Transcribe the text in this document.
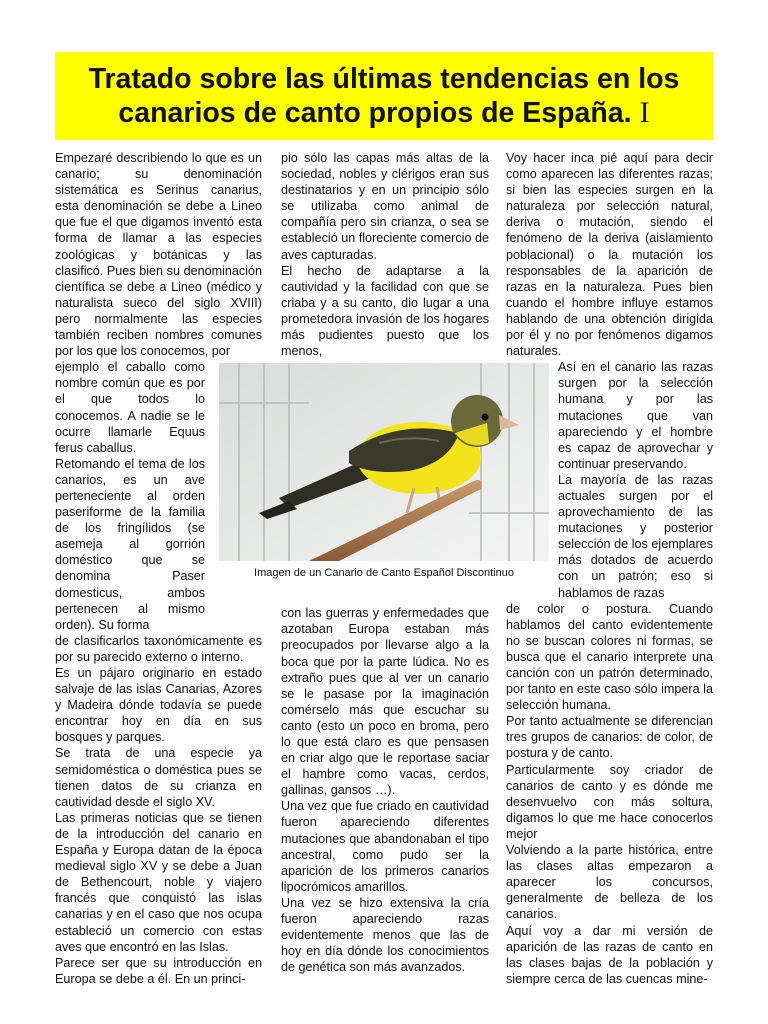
Tratado sobre las últimas tendencias en los
canarios de canto propios de España. I

Empezaré describiendo lo que es un canario; su denominación sistemática es Serinus canarius, esta denominación se debe a Lineo que fue el que digamos inventó esta forma de llamar a las especies zoológicas y botánicas y las clasificó. Pues bien su denominación científica se debe a Lineo (médico y naturalista sueco del siglo XVIII) pero normalmente las especies también reciben nombres comunes por los que los conocemos, por

ejemplo el caballo como nombre común que es por el que todos lo conocemos. A nadie se le ocurre llamarle Equus ferus caballus.

Retomando el tema de los canarios, es un ave perteneciente al orden paseriforme de la familia de los fringílidos (se asemeja al gorrión doméstico que se denomina Paser domesticus, ambos pertenecen al mismo orden). Su forma

de clasificarlos taxonómicamente es por su parecido externo o interno.

Es un pájaro originario en estado salvaje de las islas Canarias, Azores y Madeira dónde todavía se puede encontrar hoy en día en sus bosques y parques.

Se trata de una especie ya semidoméstica o doméstica pues se tienen datos de su crianza en cautividad desde el siglo XV.

Las primeras noticias que se tienen de la introducción del canario en España y Europa datan de la época medieval siglo XV y se debe a Juan de Bethencourt, noble y viajero francés que conquistó las islas canarias y en el caso que nos ocupa estableció un comercio con estas aves que encontró en las Islas.

Parece ser que su introducción en Europa se debe a él. En un princi-

pio sólo las capas más altas de la sociedad, nobles y clérigos eran sus destinatarios y en un principio sólo se utilizaba como animal de compañía pero sin crianza, o sea se estableció un floreciente comercio de aves capturadas.

El hecho de adaptarse a la cautividad y la facilidad con que se criaba y a su canto, dio lugar a una prometedora invasión de los hogares más pudientes puesto que los menos,

con las guerras y enfermedades que azotaban Europa estaban más preocupados por llevarse algo a la boca que por la parte lúdica. No es extraño pues que al ver un canario se le pasase por la imaginación comérselo más que escuchar su canto (esto un poco en broma, pero lo que está claro es que pensasen en criar algo que le reportase saciar el hambre como vacas, cerdos, gallinas, gansos …).

Una vez que fue criado en cautividad fueron apareciendo diferentes mutaciones que abandonaban el tipo ancestral, como pudo ser la aparición de los primeros canarios lipocrómicos amarillos.

Una vez se hizo extensiva la cría fueron apareciendo razas evidentemente menos que las de hoy en día dónde los conocimientos de genética son más avanzados.

Voy hacer inca pié aquí para decir como aparecen las diferentes razas; si bien las especies surgen en la naturaleza por selección natural, deriva o mutación, siendo el fenómeno de la deriva (aislamiento poblacional) o la mutación los responsables de la aparición de razas en la naturaleza. Pues bien cuando el hombre influye estamos hablando de una obtención dirigida por él y no por fenómenos digamos naturales.

Así en el canario las razas surgen por la selección humana y por las mutaciones que van apareciendo y el hombre es capaz de aprovechar y continuar preservando.

La mayoría de las razas actuales surgen por el aprovechamiento de las mutaciones y posterior selección de los ejemplares más dotados de acuerdo con un patrón; eso si hablamos de razas

de color o postura. Cuando hablamos del canto evidentemente no se buscan colores ni formas, se busca que el canario interprete una canción con un patrón determinado, por tanto en este caso sólo impera la selección humana.

Por tanto actualmente se diferencian tres grupos de canarios: de color, de postura y de canto.

Particularmente soy criador de canarios de canto y es dónde me desenvuelvo con más soltura, digamos lo que me hace conocerlos mejor

Volviendo a la parte histórica, entre las clases altas empezaron a aparecer los concursos, generalmente de belleza de los canarios.

Aquí voy a dar mi versión de aparición de las razas de canto en las clases bajas de la población y siempre cerca de las cuencas mine-

Imagen de un Canario de Canto Español Discontinuo
